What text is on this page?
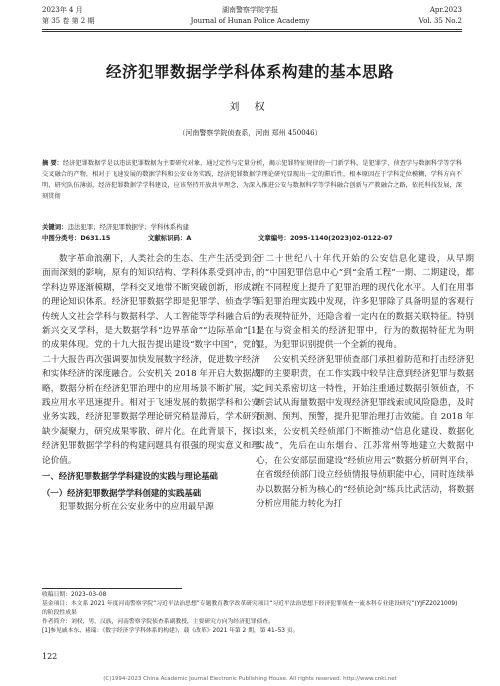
2023年 4 月
第 35 卷 第 2 期
湖南警察学院学报
Journal of Hunan Police Academy
Apr.2023
Vol. 35 No.2
经济犯罪数据学学科体系构建的基本思路
刘 权
（河南警察学院侦查系，河南 郑州 450046）
摘 要：经济犯罪数据学是以违法犯罪数据为主要研究对象，通过定性与定量分析，揭示犯罪特征规律的一门新学科，是犯罪学、侦查学与数据科学等学科交叉融合的产物，相对于飞速发展的数据学科和公安业务实践，经济犯罪数据学理论研究显现出一定的滞后性，根本原因在于学科定位模糊，学科方向不明，研究队伍薄弱，经济犯罪数据学学科建设，应该坚持开放共享理念，为深入推进公安与数据科学等学科融合创新与产教融合之路，依托科技发展，深刻贯彻
关键词：违法犯罪；经济犯罪数据学；学科体系构建
中图分类号：D631.15	文献标识码：A	文章编号：2095-1140(2023)02-0122-07

数字革命浪潮下，人类社会的生态、生产生活受到全面而深刻的影响，原有的知识结构、学科体系受到冲击，学科边界逐渐模糊，学科交叉地带不断突破创新，形成新的理论知识体系。经济犯罪数据学即是犯罪学、侦查学等传统人文社会学科与数据科学、人工智能等学科融合后的新兴交叉学科，是大数据学科“边界革命”“边际革命”[1]的成果体现。党的十九大报告提出建设“数字中国”，党的二十大报告再次强调要加快发展数字经济，促进数字经济和实体经济的深度融合。公安机关 2018 年开启大数据战略，数据分析在经济犯罪治理中的应用场景不断扩展，实践应用水平迅速提升。相对于飞速发展的数据学科和公安业务实践，经济犯罪数据学理论研究稍显滞后，学术研究缺少凝聚力，研究成果零散、碎片化。在此背景下，探讨经济犯罪数据学学科的构建问题具有很强的现实意义和理论价值。

一、经济犯罪数据学学科建设的实践与理论基础
（一）经济犯罪数据学学科创建的实践基础

犯罪数据分析在公安业务中的应用最早源

于二十世纪八十年代开始的公安信息化建设，从早期的“中国犯罪信息中心”到“金盾工程”一期、二期建设，都在不同程度上提升了犯罪治理的现代化水平。人们在用事后犯罪治理实践中发现，许多犯罪除了具备明显的客观行为表现特征外，还隐含着一定内在的数据关联特征。特别是在与资金相关的经济犯罪中，行为的数据特征尤为明显，为犯罪识别提供一个全新的视角。

公安机关经济犯罪侦查部门承担着防范和打击经济犯罪的主要职责，在工作实践中较早注意到经济犯罪与数据之间关系密切这一特性，开始注重通过数据引领侦查，不断尝试从海量数据中发现经济犯罪线索或风险隐患，及时预测、预判、预警，提升犯罪治理打击效能。自 2018 年以来，公安机关经侦部门不断推动“信息化建设、数据化实战”，先后在山东烟台、江苏常州等地建立大数据中心，在公安部层面建设“经侦应用云”数据分析研判平台，在省级经侦部门设立经侦情报导侦职能中心，同时连续举办以数据分析为核心的“经侦论剑”练兵比武活动，将数据分析应用能力转化为打

收稿日期：2023–03–08
基金项目：本文系 2021 年度河南警察学院“习近平法治思想”专题教育教学改革研究项目“习近平法治思想下经济犯罪侦查一流本科专业建设研究”(YJFZ2021009)的阶段性成果
作者简介：刘权，男，汉族，河南警察学院侦查系副教授，主要研究方向为经济犯罪侦查。
[1]参见戚本东、褚瑞：《数字经济学学科体系的构建》，载《改革》2021 年第 2 期，第 41–53 页。
122
(C)1994-2023 China Academic Journal Electronic Publishing House. All rights reserved. http://www.cnki.net
